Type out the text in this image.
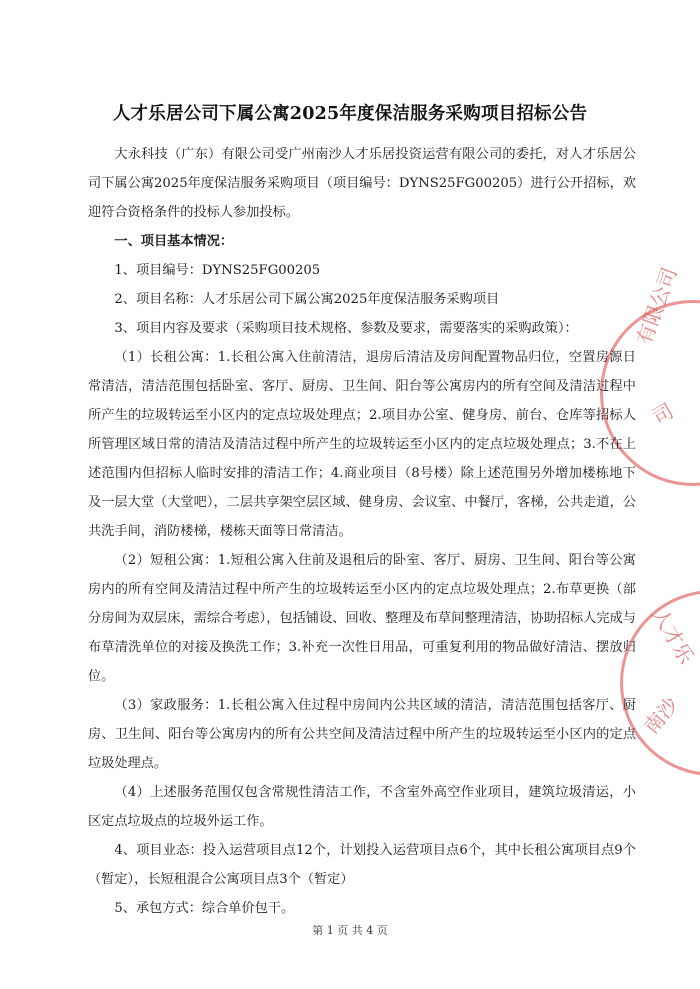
有限公司
司
人才乐
南沙
人才乐居公司下属公寓2025年度保洁服务采购项目招标公告

大永科技（广东）有限公司受广州南沙人才乐居投资运营有限公司的委托，对人才乐居公司下属公寓2025年度保洁服务采购项目（项目编号：DYNS25FG00205）进行公开招标，欢迎符合资格条件的投标人参加投标。

一、项目基本情况：

1、项目编号：DYNS25FG00205

2、项目名称：人才乐居公司下属公寓2025年度保洁服务采购项目

3、项目内容及要求（采购项目技术规格、参数及要求，需要落实的采购政策）：

（1）长租公寓：1.长租公寓入住前清洁，退房后清洁及房间配置物品归位，空置房源日常清洁，清洁范围包括卧室、客厅、厨房、卫生间、阳台等公寓房内的所有空间及清洁过程中所产生的垃圾转运至小区内的定点垃圾处理点；2.项目办公室、健身房、前台、仓库等招标人所管理区域日常的清洁及清洁过程中所产生的垃圾转运至小区内的定点垃圾处理点；3.不在上述范围内但招标人临时安排的清洁工作；4.商业项目（8号楼）除上述范围另外增加楼栋地下及一层大堂（大堂吧），二层共享架空层区域、健身房、会议室、中餐厅，客梯，公共走道，公共洗手间，消防楼梯，楼栋天面等日常清洁。

（2）短租公寓：1.短租公寓入住前及退租后的卧室、客厅、厨房、卫生间、阳台等公寓房内的所有空间及清洁过程中所产生的垃圾转运至小区内的定点垃圾处理点；2.布草更换（部分房间为双层床，需综合考虑），包括铺设、回收、整理及布草间整理清洁，协助招标人完成与布草清洗单位的对接及换洗工作；3.补充一次性日用品，可重复利用的物品做好清洁、摆放归位。

（3）家政服务：1.长租公寓入住过程中房间内公共区域的清洁，清洁范围包括客厅、厨房、卫生间、阳台等公寓房内的所有公共空间及清洁过程中所产生的垃圾转运至小区内的定点垃圾处理点。

（4）上述服务范围仅包含常规性清洁工作，不含室外高空作业项目，建筑垃圾清运，小区定点垃圾点的垃圾外运工作。

4、项目业态：投入运营项目点12个，计划投入运营项目点6个，其中长租公寓项目点9个（暂定），长短租混合公寓项目点3个（暂定）

5、承包方式：综合单价包干。

第 1 页 共 4 页
